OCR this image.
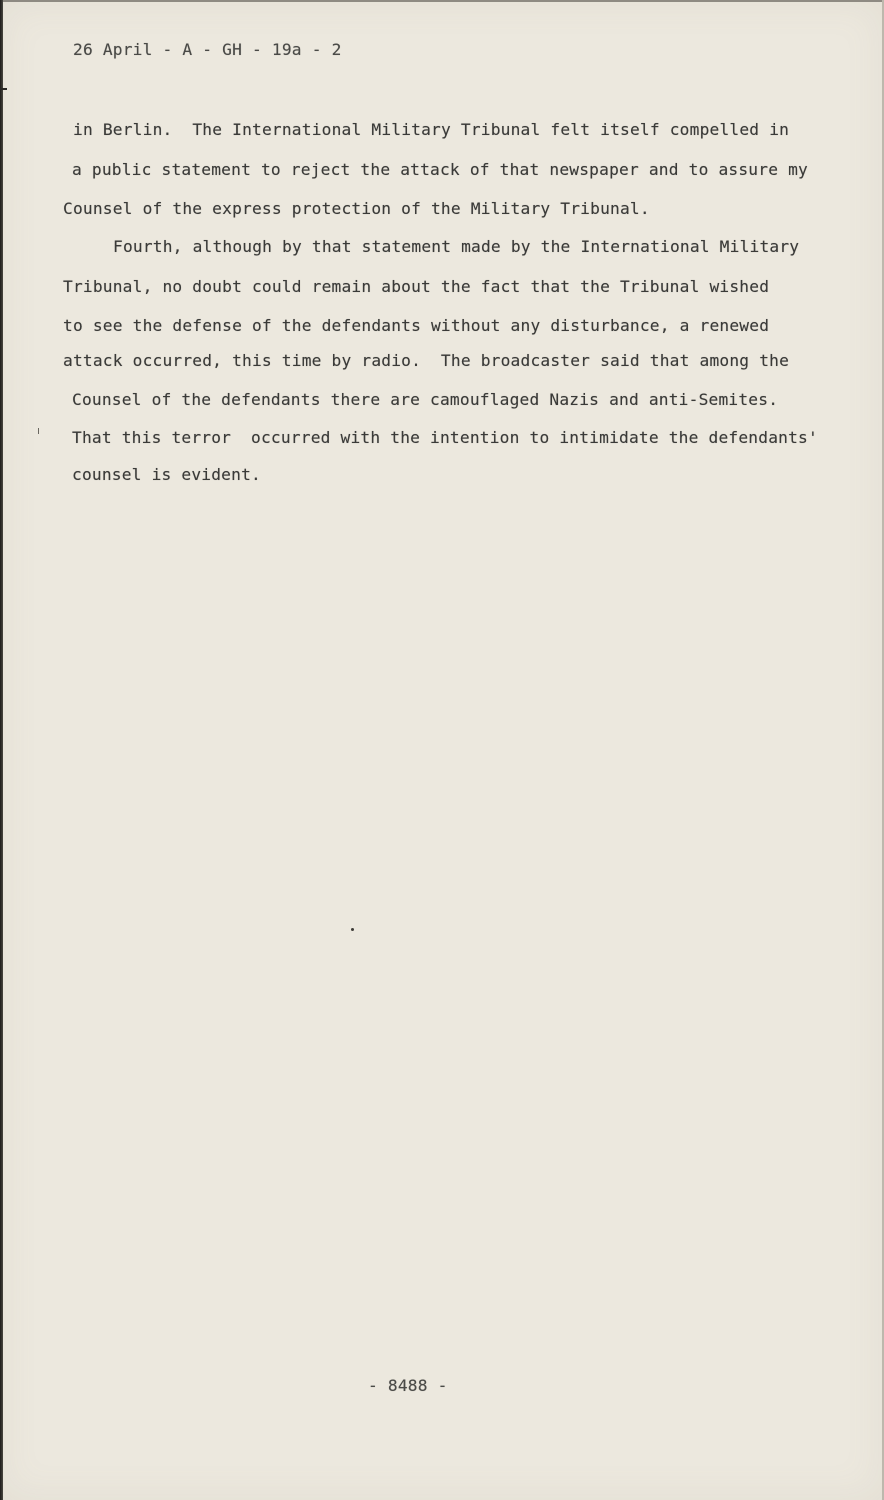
26 April - A - GH - 19a - 2
in Berlin.  The International Military Tribunal felt itself compelled in
a public statement to reject the attack of that newspaper and to assure my
Counsel of the express protection of the Military Tribunal.
Fourth, although by that statement made by the International Military
Tribunal, no doubt could remain about the fact that the Tribunal wished
to see the defense of the defendants without any disturbance, a renewed
attack occurred, this time by radio.  The broadcaster said that among the
Counsel of the defendants there are camouflaged Nazis and anti-Semites.
That this terror  occurred with the intention to intimidate the defendants'
counsel is evident.
- 8488 -
